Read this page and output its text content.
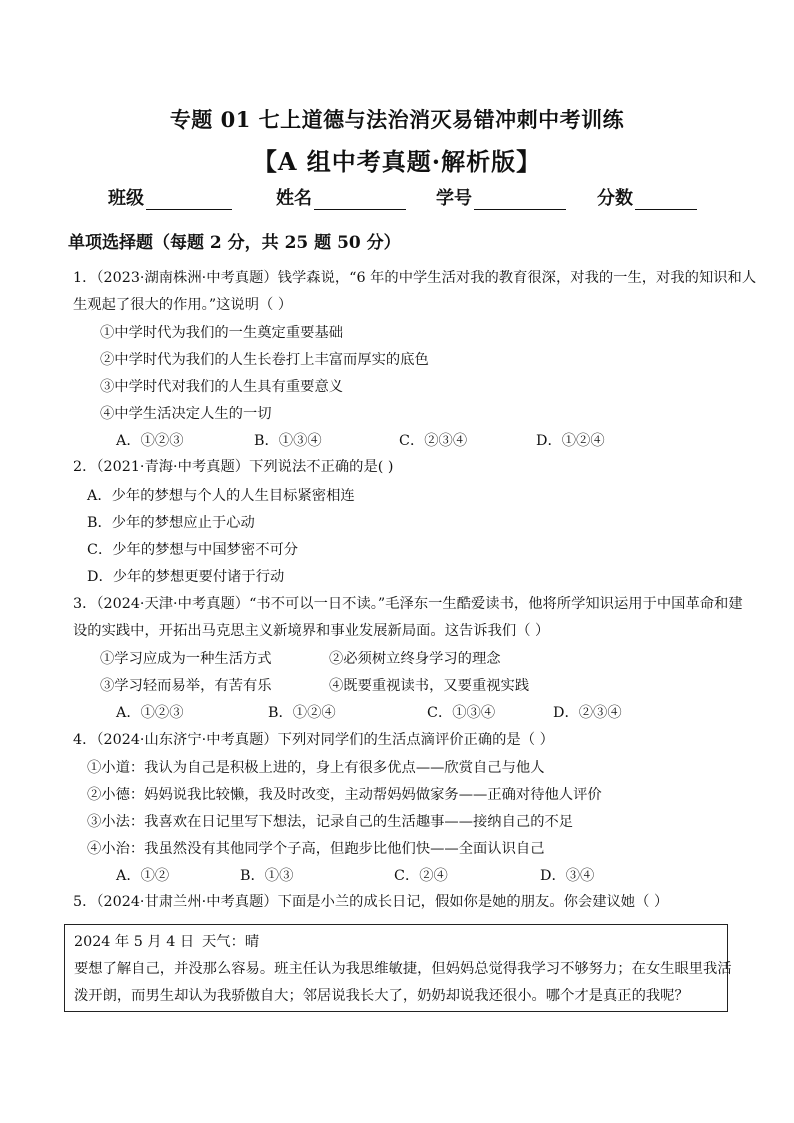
专题 01 七上道德与法治消灭易错冲刺中考训练
【A 组中考真题·解析版】
班级	姓名	学号	分数
单项选择题（每题 2 分，共 25 题 50 分）
1．（2023·湖南株洲·中考真题）钱学森说，“6 年的中学生活对我的教育很深，对我的一生，对我的知识和人
生观起了很大的作用。”这说明（ ）
①中学时代为我们的一生奠定重要基础
②中学时代为我们的人生长卷打上丰富而厚实的底色
③中学时代对我们的人生具有重要意义
④中学生活决定人生的一切
A．①②③	B．①③④	C．②③④	D．①②④
2．（2021·青海·中考真题）下列说法不正确的是( )
A．少年的梦想与个人的人生目标紧密相连
B．少年的梦想应止于心动
C．少年的梦想与中国梦密不可分
D．少年的梦想更要付诸于行动
3．（2024·天津·中考真题）“书不可以一日不读。”毛泽东一生酷爱读书，他将所学知识运用于中国革命和建
设的实践中，开拓出马克思主义新境界和事业发展新局面。这告诉我们（ ）
①学习应成为一种生活方式	②必须树立终身学习的理念
③学习轻而易举，有苦有乐	④既要重视读书，又要重视实践
A．①②③	B．①②④	C．①③④	D．②③④
4．（2024·山东济宁·中考真题）下列对同学们的生活点滴评价正确的是（ ）
①小道：我认为自己是积极上进的，身上有很多优点——欣赏自己与他人
②小德：妈妈说我比较懒，我及时改变，主动帮妈妈做家务——正确对待他人评价
③小法：我喜欢在日记里写下想法，记录自己的生活趣事——接纳自己的不足
④小治：我虽然没有其他同学个子高，但跑步比他们快——全面认识自己
A．①②	B．①③	C．②④	D．③④
5．（2024·甘肃兰州·中考真题）下面是小兰的成长日记，假如你是她的朋友。你会建议她（ ）
2024 年 5 月 4 日 天气：晴
要想了解自己，并没那么容易。班主任认为我思维敏捷，但妈妈总觉得我学习不够努力；在女生眼里我活
泼开朗，而男生却认为我骄傲自大；邻居说我长大了，奶奶却说我还很小。哪个才是真正的我呢？
